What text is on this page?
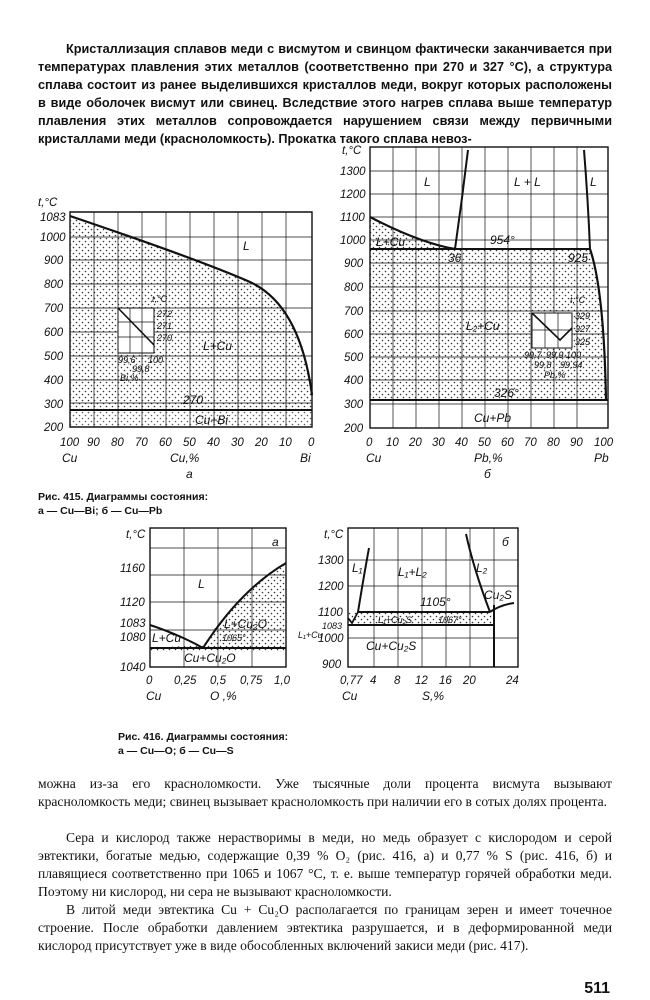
Кристаллизация сплавов меди с висмутом и свинцом фактически заканчивается при температурах плавления этих металлов (соответственно при 270 и 327 °C), а структура сплава состоит из ранее выделившихся кристаллов меди, вокруг которых расположены в виде оболочек висмут или свинец. Вследствие этого нагрев сплава выше температур плавления этих металлов сопровождается нарушением связи между первичными кристаллами меди (красноломкость). Прокатка такого сплава невоз-

272
271
270
t,°C
99,6 100
99,8
Bi,%
L
L+Cu
270
Cu+Bi
t,°C
1083
1000
900
800
700
600
500
400
300
200
100 90 80 70 60 50 40 30 20 10 0
Cu	Cu,%	Bi
а
329
327
325
t,°C
99,7 99,9 100
99,8 99,94
Pb,%
L	L + L	L
L+Cu	954°
925
36
L₂+Cu
326°
Cu+Pb
t,°C
1300
1200
1100
1000
900
800
700
600
500
400
300
200
0 10 20 30 40 50 60 70 80 90 100
Cu	Pb,%	Pb
б
Рис. 415. Диаграммы состояния:
а — Cu—Bi; б — Cu—Pb
L
L+Cu
L+Cu₂O
1065°
Cu+Cu₂O
а
t,°C
1160
1120
1083
1080
1040
0 0,25 0,5 0,75 1,0
Cu	O ,%
L₁	L₁+L₂	L₂
Cu₂S
1105°
1067°
L₁+Cu₂S
Cu+Cu₂S
L₁+Cu
б
t,°C
1300
1200
1100
1083
1000
900
0,77 4 8 12 16 20	24
Cu	S,%
Рис. 416. Диаграммы состояния:
а — Cu—O; б — Cu—S

можна из-за его красноломкости. Уже тысячные доли процента висмута вызывают красноломкость меди; свинец вызывает красноломкость при наличии его в сотых долях процента.

Сера и кислород также нерастворимы в меди, но медь образует с кислородом и серой эвтектики, богатые медью, содержащие 0,39 % O₂ (рис. 416, а) и 0,77 % S (рис. 416, б) и плавящиеся соответственно при 1065 и 1067 °C, т. е. выше температур горячей обработки меди. Поэтому ни кислород, ни сера не вызывают красноломкости.

В литой меди эвтектика Cu + Cu₂O располагается по границам зерен и имеет точечное строение. После обработки давлением эвтектика разрушается, и в деформированной меди кислород присутствует уже в виде обособленных включений закиси меди (рис. 417).

511
